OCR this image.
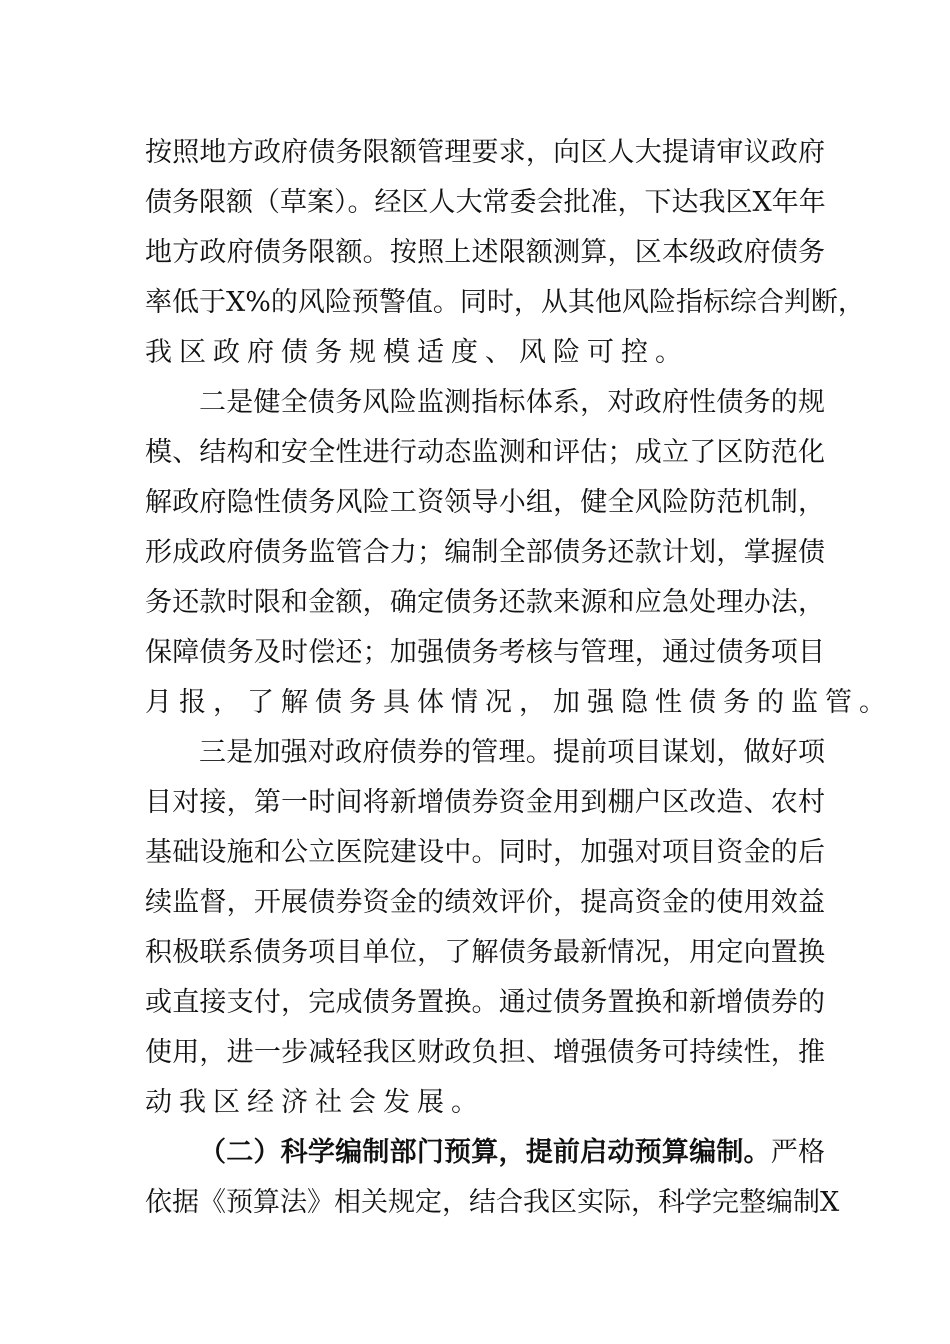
按照地方政府债务限额管理要求，向区人大提请审议政府
债务限额（草案）。经区人大常委会批准，下达我区X年年
地方政府债务限额。按照上述限额测算，区本级政府债务
率低于X%的风险预警值。同时，从其他风险指标综合判断，
我区政府债务规模适度、风险可控。
二是健全债务风险监测指标体系，对政府性债务的规
模、结构和安全性进行动态监测和评估；成立了区防范化
解政府隐性债务风险工资领导小组，健全风险防范机制，
形成政府债务监管合力；编制全部债务还款计划，掌握债
务还款时限和金额，确定债务还款来源和应急处理办法，
保障债务及时偿还；加强债务考核与管理，通过债务项目
月报，了解债务具体情况，加强隐性债务的监管。
三是加强对政府债券的管理。提前项目谋划，做好项
目对接，第一时间将新增债券资金用到棚户区改造、农村
基础设施和公立医院建设中。同时，加强对项目资金的后
续监督，开展债券资金的绩效评价，提高资金的使用效益
积极联系债务项目单位，了解债务最新情况，用定向置换
或直接支付，完成债务置换。通过债务置换和新增债券的
使用，进一步减轻我区财政负担、增强债务可持续性，推
动我区经济社会发展。
（二）科学编制部门预算，提前启动预算编制。严格
依据《预算法》相关规定，结合我区实际，科学完整编制X
